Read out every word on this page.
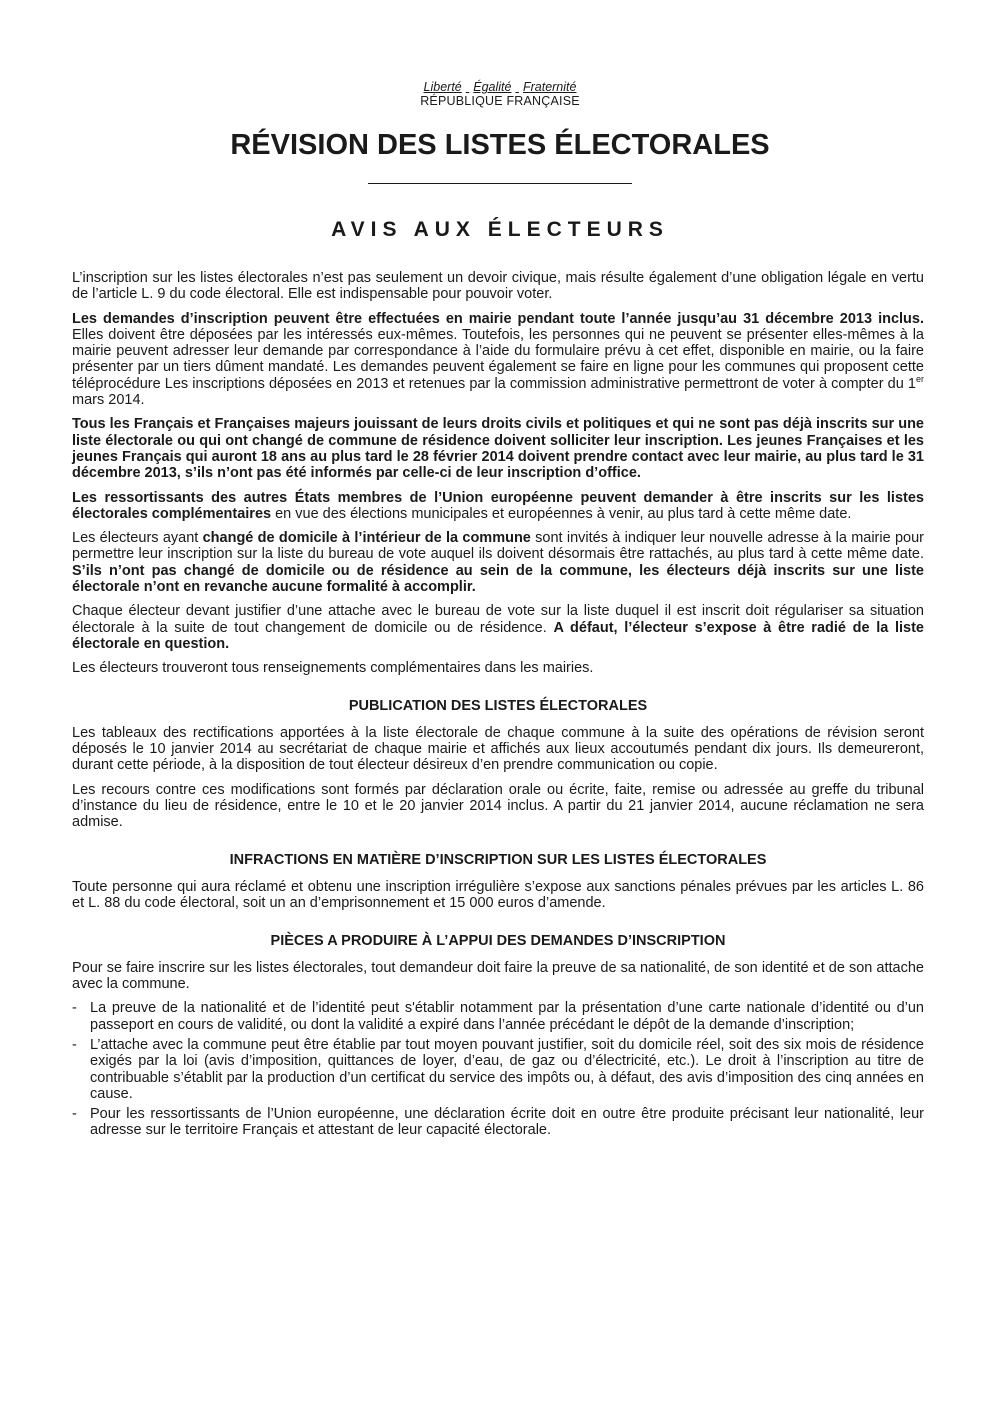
Liberté Égalité Fraternité
RÉPUBLIQUE FRANÇAISE
RÉVISION DES LISTES ÉLECTORALES
AVIS AUX ÉLECTEURS

L’inscription sur les listes électorales n’est pas seulement un devoir civique, mais résulte également d’une obligation légale en vertu de l’article L. 9 du code électoral. Elle est indispensable pour pouvoir voter.

Les demandes d’inscription peuvent être effectuées en mairie pendant toute l’année jusqu’au 31 décembre 2013 inclus. Elles doivent être déposées par les intéressés eux-mêmes. Toutefois, les personnes qui ne peuvent se présenter elles-mêmes à la mairie peuvent adresser leur demande par correspondance à l’aide du formulaire prévu à cet effet, disponible en mairie, ou la faire présenter par un tiers dûment mandaté. Les demandes peuvent également se faire en ligne pour les communes qui proposent cette téléprocédure Les inscriptions déposées en 2013 et retenues par la commission administrative permettront de voter à compter du 1er mars 2014.

Tous les Français et Françaises majeurs jouissant de leurs droits civils et politiques et qui ne sont pas déjà inscrits sur une liste électorale ou qui ont changé de commune de résidence doivent solliciter leur inscription. Les jeunes Françaises et les jeunes Français qui auront 18 ans au plus tard le 28 février 2014 doivent prendre contact avec leur mairie, au plus tard le 31 décembre 2013, s’ils n’ont pas été informés par celle-ci de leur inscription d’office.

Les ressortissants des autres États membres de l’Union européenne peuvent demander à être inscrits sur les listes électorales complémentaires en vue des élections municipales et européennes à venir, au plus tard à cette même date.

Les électeurs ayant changé de domicile à l’intérieur de la commune sont invités à indiquer leur nouvelle adresse à la mairie pour permettre leur inscription sur la liste du bureau de vote auquel ils doivent désormais être rattachés, au plus tard à cette même date. S’ils n’ont pas changé de domicile ou de résidence au sein de la commune, les électeurs déjà inscrits sur une liste électorale n’ont en revanche aucune formalité à accomplir.

Chaque électeur devant justifier d’une attache avec le bureau de vote sur la liste duquel il est inscrit doit régulariser sa situation électorale à la suite de tout changement de domicile ou de résidence. A défaut, l’électeur s’expose à être radié de la liste électorale en question.

Les électeurs trouveront tous renseignements complémentaires dans les mairies.

PUBLICATION DES LISTES ÉLECTORALES

Les tableaux des rectifications apportées à la liste électorale de chaque commune à la suite des opérations de révision seront déposés le 10 janvier 2014 au secrétariat de chaque mairie et affichés aux lieux accoutumés pendant dix jours. Ils demeureront, durant cette période, à la disposition de tout électeur désireux d’en prendre communication ou copie.

Les recours contre ces modifications sont formés par déclaration orale ou écrite, faite, remise ou adressée au greffe du tribunal d’instance du lieu de résidence, entre le 10 et le 20 janvier 2014 inclus. A partir du 21 janvier 2014, aucune réclamation ne sera admise.

INFRACTIONS EN MATIÈRE D’INSCRIPTION SUR LES LISTES ÉLECTORALES

Toute personne qui aura réclamé et obtenu une inscription irrégulière s’expose aux sanctions pénales prévues par les articles L. 86 et L. 88 du code électoral, soit un an d’emprisonnement et 15 000 euros d’amende.

PIÈCES A PRODUIRE À L’APPUI DES DEMANDES D’INSCRIPTION

Pour se faire inscrire sur les listes électorales, tout demandeur doit faire la preuve de sa nationalité, de son identité et de son attache avec la commune.

- La preuve de la nationalité et de l’identité peut s'établir notamment par la présentation d’une carte nationale d’identité ou d’un passeport en cours de validité, ou dont la validité a expiré dans l’année précédant le dépôt de la demande d’inscription;
- L’attache avec la commune peut être établie par tout moyen pouvant justifier, soit du domicile réel, soit des six mois de résidence exigés par la loi (avis d’imposition, quittances de loyer, d’eau, de gaz ou d’électricité, etc.). Le droit à l’inscription au titre de contribuable s’établit par la production d’un certificat du service des impôts ou, à défaut, des avis d’imposition des cinq années en cause.
- Pour les ressortissants de l’Union européenne, une déclaration écrite doit en outre être produite précisant leur nationalité, leur adresse sur le territoire Français et attestant de leur capacité électorale.
